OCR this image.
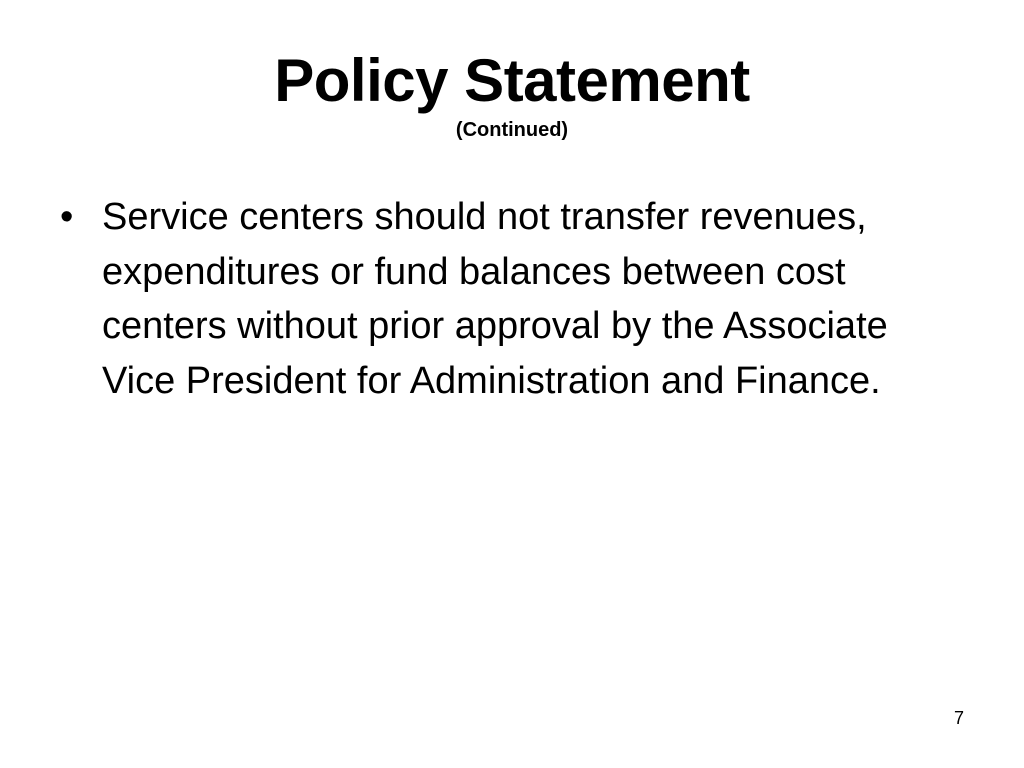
Policy Statement
(Continued)
• Service centers should not transfer revenues, expenditures or fund balances between cost centers without prior approval by the Associate Vice President for Administration and Finance.
7
